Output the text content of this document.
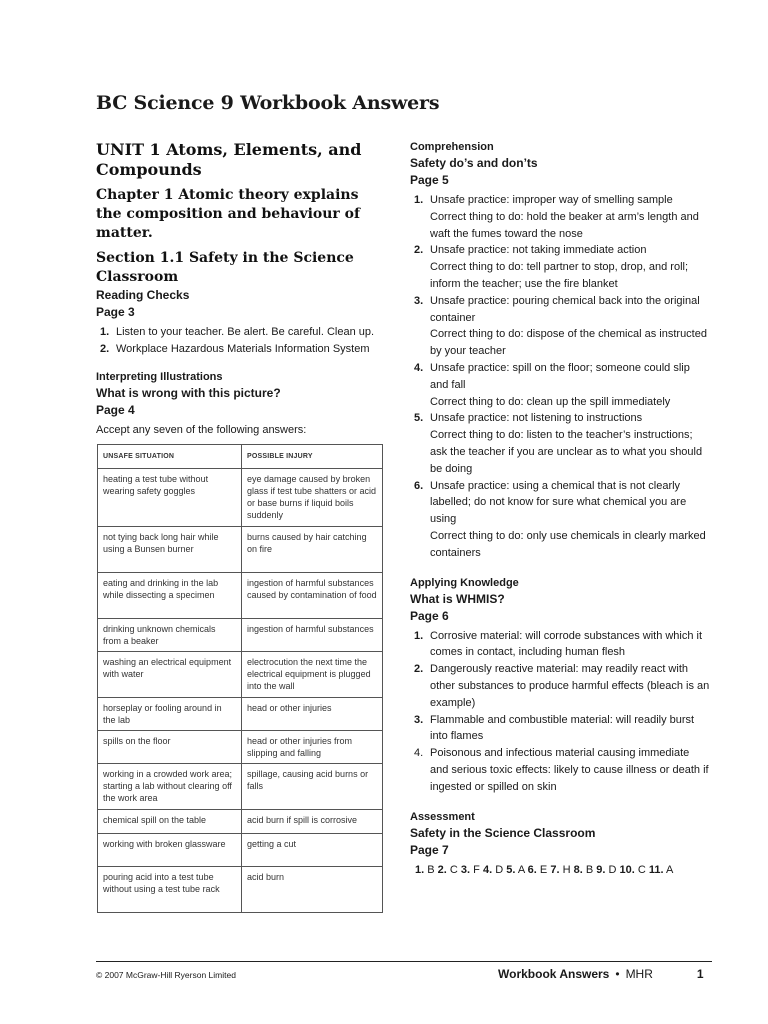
BC Science 9 Workbook Answers
UNIT 1 Atoms, Elements, and Compounds
Chapter 1 Atomic theory explains the composition and behaviour of matter.
Section 1.1 Safety in the Science Classroom
Reading Checks
Page 3
1. Listen to your teacher. Be alert. Be careful. Clean up.
2. Workplace Hazardous Materials Information System
Interpreting Illustrations
What is wrong with this picture?
Page 4
Accept any seven of the following answers:
UNSAFE SITUATION	POSSIBLE INJURY
heating a test tube without wearing safety goggles	eye damage caused by broken glass if test tube shatters or acid or base burns if liquid boils suddenly
not tying back long hair while using a Bunsen burner	burns caused by hair catching on fire
eating and drinking in the lab while dissecting a specimen	ingestion of harmful substances caused by contamination of food
drinking unknown chemicals from a beaker	ingestion of harmful substances
washing an electrical equipment with water	electrocution the next time the electrical equipment is plugged into the wall
horseplay or fooling around in the lab	head or other injuries
spills on the floor	head or other injuries from slipping and falling
working in a crowded work area; starting a lab without clearing off the work area	spillage, causing acid burns or falls
chemical spill on the table	acid burn if spill is corrosive
working with broken glassware	getting a cut
pouring acid into a test tube without using a test tube rack	acid burn
Comprehension
Safety do’s and don’ts
Page 5
1. Unsafe practice: improper way of smelling sample
Correct thing to do: hold the beaker at arm’s length and waft the fumes toward the nose
2. Unsafe practice: not taking immediate action
Correct thing to do: tell partner to stop, drop, and roll; inform the teacher; use the fire blanket
3. Unsafe practice: pouring chemical back into the original container
Correct thing to do: dispose of the chemical as instructed by your teacher
4. Unsafe practice: spill on the floor; someone could slip and fall
Correct thing to do: clean up the spill immediately
5. Unsafe practice: not listening to instructions
Correct thing to do: listen to the teacher’s instructions; ask the teacher if you are unclear as to what you should be doing
6. Unsafe practice: using a chemical that is not clearly labelled; do not know for sure what chemical you are using
Correct thing to do: only use chemicals in clearly marked containers
Applying Knowledge
What is WHMIS?
Page 6
1. Corrosive material: will corrode substances with which it comes in contact, including human flesh
2. Dangerously reactive material: may readily react with other substances to produce harmful effects (bleach is an example)
3. Flammable and combustible material: will readily burst into flames
4. Poisonous and infectious material causing immediate and serious toxic effects: likely to cause illness or death if ingested or spilled on skin
Assessment
Safety in the Science Classroom
Page 7
1. B 2. C 3. F 4. D 5. A 6. E 7. H 8. B 9. D 10. C 11. A
© 2007 McGraw-Hill Ryerson Limited	Workbook Answers • MHR	1
